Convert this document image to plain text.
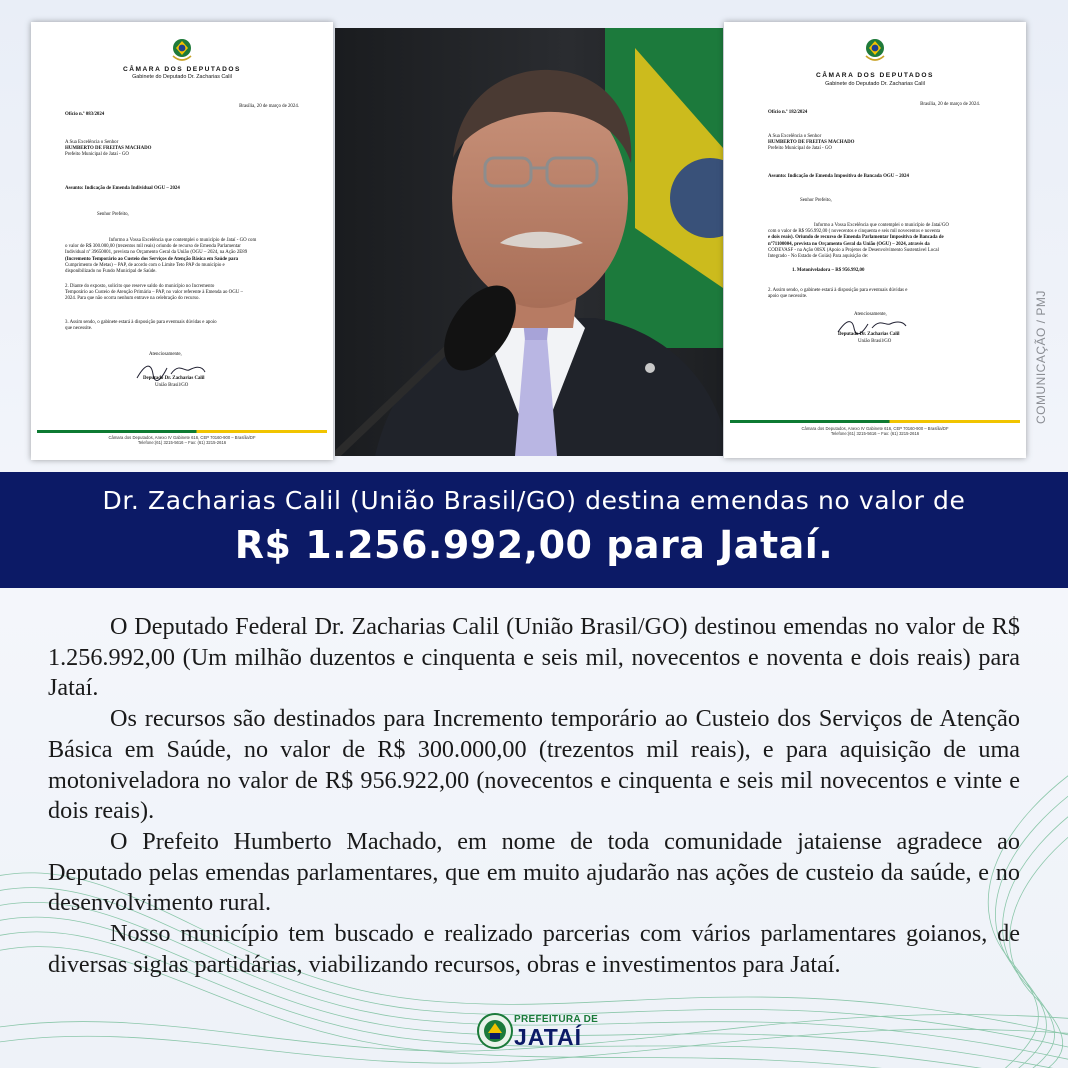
CÂMARA DOS DEPUTADOS
Gabinete do Deputado Dr. Zacharias Calil
Brasília, 20 de março de 2024.
Ofício n.º 083/2024
A Sua Excelência o Senhor
HUMBERTO DE FREITAS MACHADO
Prefeito Municipal de Jataí - GO
Assunto: Indicação de Emenda Individual OGU – 2024
Senhor Prefeito,
Informo a Vossa Excelência que contemplei o município de Jataí - GO com
o valor de R$ 300.000,00 (trezentos mil reais) oriundo de recurso de Emenda Parlamentar
Individual nº 39650001, prevista no Orçamento Geral da União (OGU – 2024, na Ação 2E89
(Incremento Temporário ao Custeio dos Serviços de Atenção Básica em Saúde para
Cumprimento de Metas) – PAP, de acordo com o Limite Teto PAP do município e
disponibilizado no Fundo Municipal de Saúde.
2. Diante do exposto, solicito que reserve saldo do município no Incremento
Temporário ao Custeio de Atenção Primária – PAP, no valor referente à Emenda ao OGU –
2024. Para que não ocorra nenhum entrave na celebração do recurso.
3. Assim sendo, o gabinete estará à disposição para eventuais dúvidas e apoio
que necessite.
Atenciosamente,
Deputado Dr. Zacharias Calil
União Brasil/GO
Câmara dos Deputados, Anexo IV Gabinete 616, CEP 70160-900 – Brasília/DF
Telefone:(61) 3215-5616 – Fax: (61) 3215-2616
CÂMARA DOS DEPUTADOS
Gabinete do Deputado Dr. Zacharias Calil
Brasília, 20 de março de 2024.
Ofício n.º 182/2024
A Sua Excelência o Senhor
HUMBERTO DE FREITAS MACHADO
Prefeito Municipal de Jataí - GO
Assunto: Indicação de Emenda Impositiva de Bancada OGU – 2024
Senhor Prefeito,
Informo a Vossa Excelência que contemplei o município de Jataí/GO
com o valor de R$ 956.992,00 ( novecentos e cinquenta e seis mil novecentos e noventa
e dois reais). Oriundo de recurso de Emenda Parlamentar Impositiva de Bancada de
nº71100004, prevista no Orçamento Geral da União (OGU) – 2024, através da
CODEVASF - na Ação 00SX (Apoio a Projetos de Desenvolvimento Sustentável Local
Integrado - No Estado de Goiás) Para aquisição de:
1. Motoniveladora – R$ 956.992,00
2. Assim sendo, o gabinete estará à disposição para eventuais dúvidas e
apoio que necessite.
Atenciosamente,
Deputado Dr. Zacharias Calil
União Brasil/GO
Câmara dos Deputados, Anexo IV Gabinete 616, CEP 70160-900 – Brasília/DF
Telefone:(61) 3215-5616 – Fax: (61) 3215-2616
COMUNICAÇÃO / PMJ
Dr. Zacharias Calil (União Brasil/GO) destina emendas no valor de
R$ 1.256.992,00 para Jataí.

O Deputado Federal Dr. Zacharias Calil (União Brasil/GO) destinou emendas no valor de R$ 1.256.992,00 (Um milhão duzentos e cinquenta e seis mil, novecentos e noventa e dois reais) para Jataí.

Os recursos são destinados para Incremento temporário ao Custeio dos Serviços de Atenção Básica em Saúde, no valor de R$ 300.000,00 (trezentos mil reais), e para aquisição de uma motoniveladora no valor de R$ 956.922,00 (novecentos e cinquenta e seis mil novecentos e vinte e dois reais).

O Prefeito Humberto Machado, em nome de toda comunidade jataiense agradece ao Deputado pelas emendas parlamentares, que em muito ajudarão nas ações de custeio da saúde, e no desenvolvimento rural.

Nosso município tem buscado e realizado parcerias com vários parlamentares goianos, de diversas siglas partidárias, viabilizando recursos, obras e investimentos para Jataí.

PREFEITURA DE
JATAÍ
